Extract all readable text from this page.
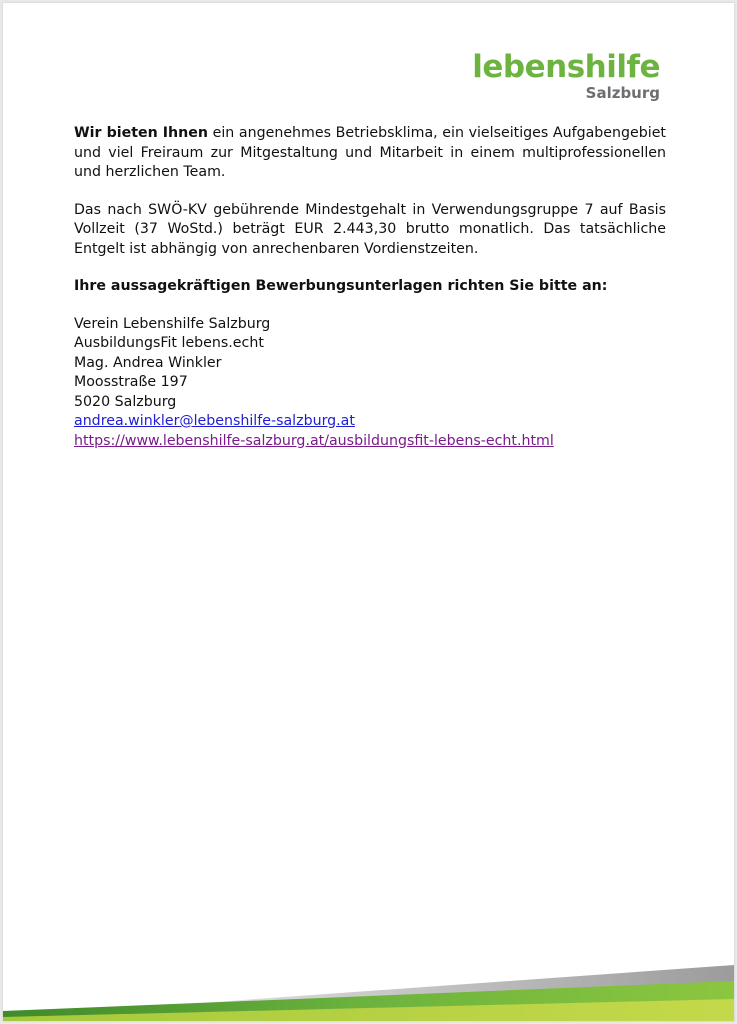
lebenshilfe
Salzburg

Wir bieten Ihnen ein angenehmes Betriebsklima, ein vielseitiges Aufgabengebiet und viel Freiraum zur Mitgestaltung und Mitarbeit in einem multiprofessionellen und herzlichen Team.

Das nach SWÖ-KV gebührende Mindestgehalt in Verwendungsgruppe 7 auf Basis Vollzeit (37 WoStd.) beträgt EUR 2.443,30 brutto monatlich. Das tatsächliche Entgelt ist abhängig von anrechenbaren Vordienstzeiten.

Ihre aussagekräftigen Bewerbungsunterlagen richten Sie bitte an:

Verein Lebenshilfe Salzburg
AusbildungsFit lebens.echt
Mag. Andrea Winkler
Moosstraße 197
5020 Salzburg
andrea.winkler@lebenshilfe-salzburg.at
https://www.lebenshilfe-salzburg.at/ausbildungsfit-lebens-echt.html
